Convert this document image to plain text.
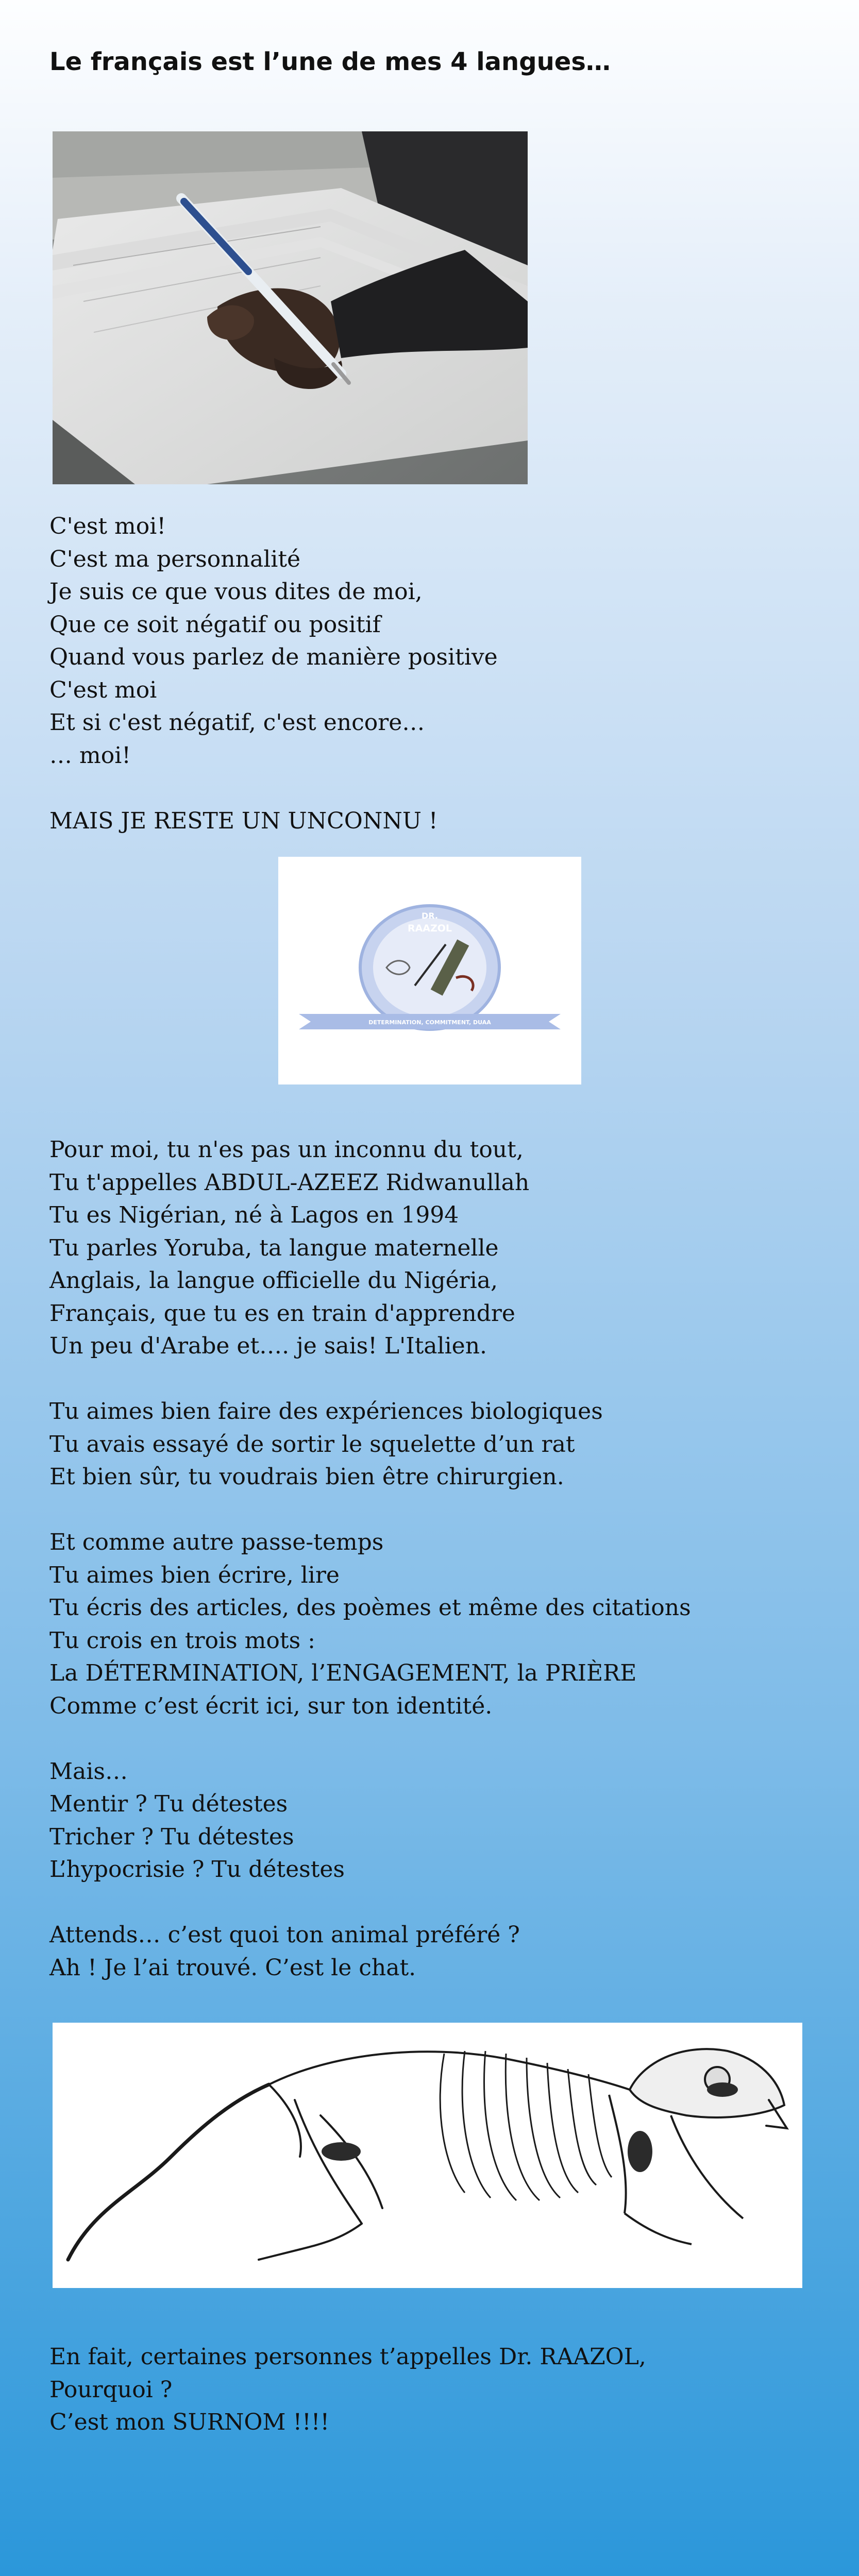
Le français est l’une de mes 4 langues…
C'est moi!
C'est ma personnalité
Je suis ce que vous dites de moi,
Que ce soit négatif ou positif
Quand vous parlez de manière positive
C'est moi
Et si c'est négatif, c'est encore…
… moi!

MAIS JE RESTE UN UNCONNU !
DR.
RAAZOL
DETERMINATION, COMMITMENT, DUAA
Pour moi, tu n'es pas un inconnu du tout,
Tu t'appelles ABDUL-AZEEZ Ridwanullah
Tu es Nigérian, né à Lagos en 1994
Tu parles Yoruba, ta langue maternelle
Anglais, la langue officielle du Nigéria,
Français, que tu es en train d'apprendre
Un peu d'Arabe et…. je sais! L'Italien.

Tu aimes bien faire des expériences biologiques
Tu avais essayé de sortir le squelette d’un rat
Et bien sûr, tu voudrais bien être chirurgien.

Et comme autre passe-temps
Tu aimes bien écrire, lire
Tu écris des articles, des poèmes et même des citations
Tu crois en trois mots :
La DÉTERMINATION, l’ENGAGEMENT, la PRIÈRE
Comme c’est écrit ici, sur ton identité.

Mais…
Mentir ? Tu détestes
Tricher ? Tu détestes
L’hypocrisie ? Tu détestes

Attends… c’est quoi ton animal préféré ?
Ah ! Je l’ai trouvé. C’est le chat.
En fait, certaines personnes t’appelles Dr. RAAZOL,
Pourquoi ?
C’est mon SURNOM !!!!
